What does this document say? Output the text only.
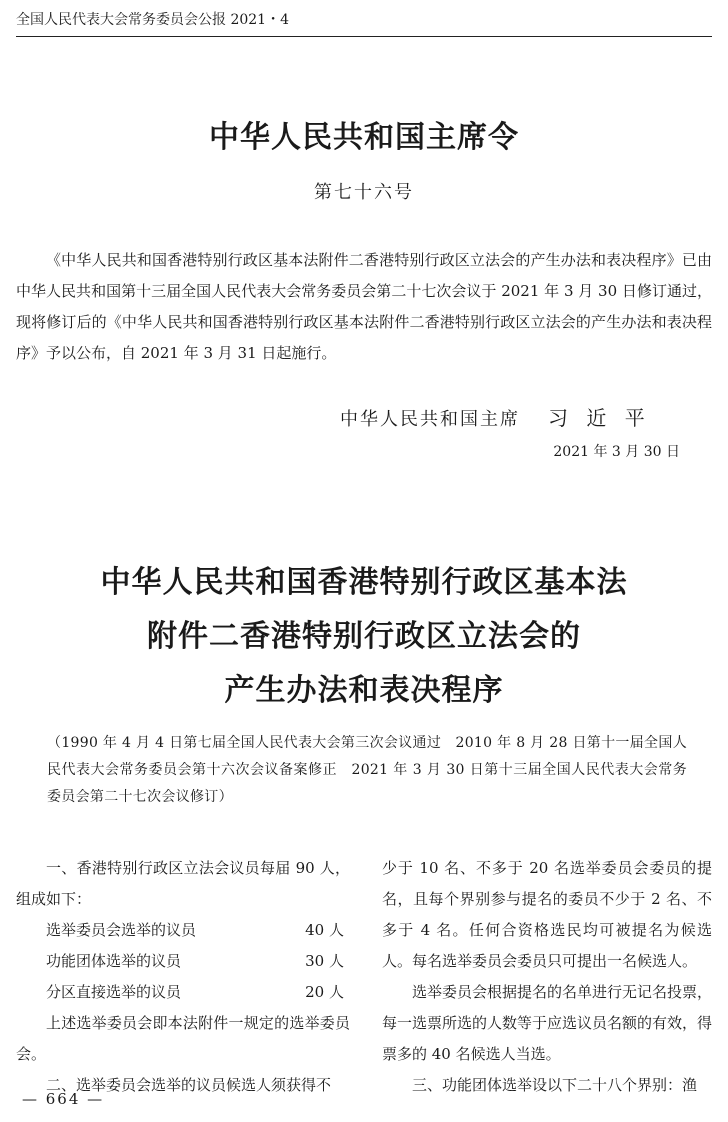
全国人民代表大会常务委员会公报 2021・4
中华人民共和国主席令
第七十六号

《中华人民共和国香港特别行政区基本法附件二香港特别行政区立法会的产生办法和表决程序》已由中华人民共和国第十三届全国人民代表大会常务委员会第二十七次会议于 2021 年 3 月 30 日修订通过，现将修订后的《中华人民共和国香港特别行政区基本法附件二香港特别行政区立法会的产生办法和表决程序》予以公布，自 2021 年 3 月 31 日起施行。

中华人民共和国主席 习 近 平
2021 年 3 月 30 日
中华人民共和国香港特别行政区基本法
附件二香港特别行政区立法会的
产生办法和表决程序

（1990 年 4 月 4 日第七届全国人民代表大会第三次会议通过　2010 年 8 月 28 日第十一届全国人民代表大会常务委员会第十六次会议备案修正　2021 年 3 月 30 日第十三届全国人民代表大会常务委员会第二十七次会议修订）

一、香港特别行政区立法会议员每届 90 人，组成如下：

选举委员会选举的议员	40 人
功能团体选举的议员	30 人
分区直接选举的议员	20 人

上述选举委员会即本法附件一规定的选举委员会。

二、选举委员会选举的议员候选人须获得不

少于 10 名、不多于 20 名选举委员会委员的提名，且每个界别参与提名的委员不少于 2 名、不多于 4 名。任何合资格选民均可被提名为候选人。每名选举委员会委员只可提出一名候选人。

选举委员会根据提名的名单进行无记名投票，每一选票所选的人数等于应选议员名额的有效，得票多的 40 名候选人当选。

三、功能团体选举设以下二十八个界别：渔

— 664 —
